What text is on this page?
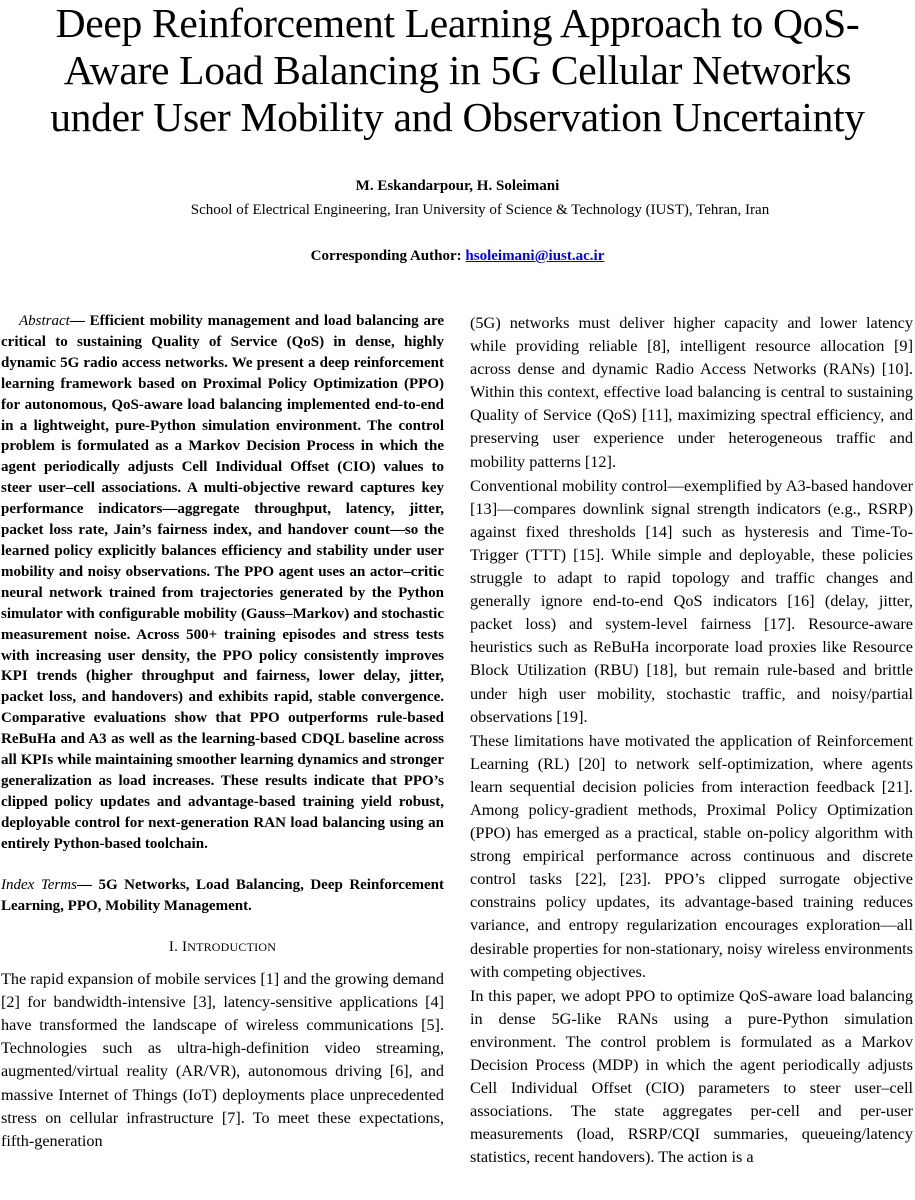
Deep Reinforcement Learning Approach to QoS-
Aware Load Balancing in 5G Cellular Networks
under User Mobility and Observation Uncertainty
M. Eskandarpour, H. Soleimani
School of Electrical Engineering, Iran University of Science & Technology (IUST), Tehran, Iran
Corresponding Author: hsoleimani@iust.ac.ir

Abstract— Efficient mobility management and load balancing are critical to sustaining Quality of Service (QoS) in dense, highly dynamic 5G radio access networks. We present a deep reinforcement learning framework based on Proximal Policy Optimization (PPO) for autonomous, QoS-aware load balancing implemented end-to-end in a lightweight, pure-Python simulation environment. The control problem is formulated as a Markov Decision Process in which the agent periodically adjusts Cell Individual Offset (CIO) values to steer user–cell associations. A multi-objective reward captures key performance indicators—aggregate throughput, latency, jitter, packet loss rate, Jain’s fairness index, and handover count—so the learned policy explicitly balances efficiency and stability under user mobility and noisy observations. The PPO agent uses an actor–critic neural network trained from trajectories generated by the Python simulator with configurable mobility (Gauss–Markov) and stochastic measurement noise. Across 500+ training episodes and stress tests with increasing user density, the PPO policy consistently improves KPI trends (higher throughput and fairness, lower delay, jitter, packet loss, and handovers) and exhibits rapid, stable convergence. Comparative evaluations show that PPO outperforms rule-based ReBuHa and A3 as well as the learning-based CDQL baseline across all KPIs while maintaining smoother learning dynamics and stronger generalization as load increases. These results indicate that PPO’s clipped policy updates and advantage-based training yield robust, deployable control for next-generation RAN load balancing using an entirely Python-based toolchain.

Index Terms— 5G Networks, Load Balancing, Deep Reinforcement Learning, PPO, Mobility Management.

I. INTRODUCTION

The rapid expansion of mobile services [1] and the growing demand [2] for bandwidth-intensive [3], latency-sensitive applications [4] have transformed the landscape of wireless communications [5]. Technologies such as ultra-high-definition video streaming, augmented/virtual reality (AR/VR), autonomous driving [6], and massive Internet of Things (IoT) deployments place unprecedented stress on cellular infrastructure [7]. To meet these expectations, fifth-generation

(5G) networks must deliver higher capacity and lower latency while providing reliable [8], intelligent resource allocation [9] across dense and dynamic Radio Access Networks (RANs) [10]. Within this context, effective load balancing is central to sustaining Quality of Service (QoS) [11], maximizing spectral efficiency, and preserving user experience under heterogeneous traffic and mobility patterns [12].

Conventional mobility control—exemplified by A3-based handover [13]—compares downlink signal strength indicators (e.g., RSRP) against fixed thresholds [14] such as hysteresis and Time-To-Trigger (TTT) [15]. While simple and deployable, these policies struggle to adapt to rapid topology and traffic changes and generally ignore end-to-end QoS indicators [16] (delay, jitter, packet loss) and system-level fairness [17]. Resource-aware heuristics such as ReBuHa incorporate load proxies like Resource Block Utilization (RBU) [18], but remain rule-based and brittle under high user mobility, stochastic traffic, and noisy/partial observations [19].

These limitations have motivated the application of Reinforcement Learning (RL) [20] to network self-optimization, where agents learn sequential decision policies from interaction feedback [21]. Among policy-gradient methods, Proximal Policy Optimization (PPO) has emerged as a practical, stable on-policy algorithm with strong empirical performance across continuous and discrete control tasks [22], [23]. PPO’s clipped surrogate objective constrains policy updates, its advantage-based training reduces variance, and entropy regularization encourages exploration—all desirable properties for non-stationary, noisy wireless environments with competing objectives.

In this paper, we adopt PPO to optimize QoS-aware load balancing in dense 5G-like RANs using a pure-Python simulation environment. The control problem is formulated as a Markov Decision Process (MDP) in which the agent periodically adjusts Cell Individual Offset (CIO) parameters to steer user–cell associations. The state aggregates per-cell and per-user measurements (load, RSRP/CQI summaries, queueing/latency statistics, recent handovers). The action is a
